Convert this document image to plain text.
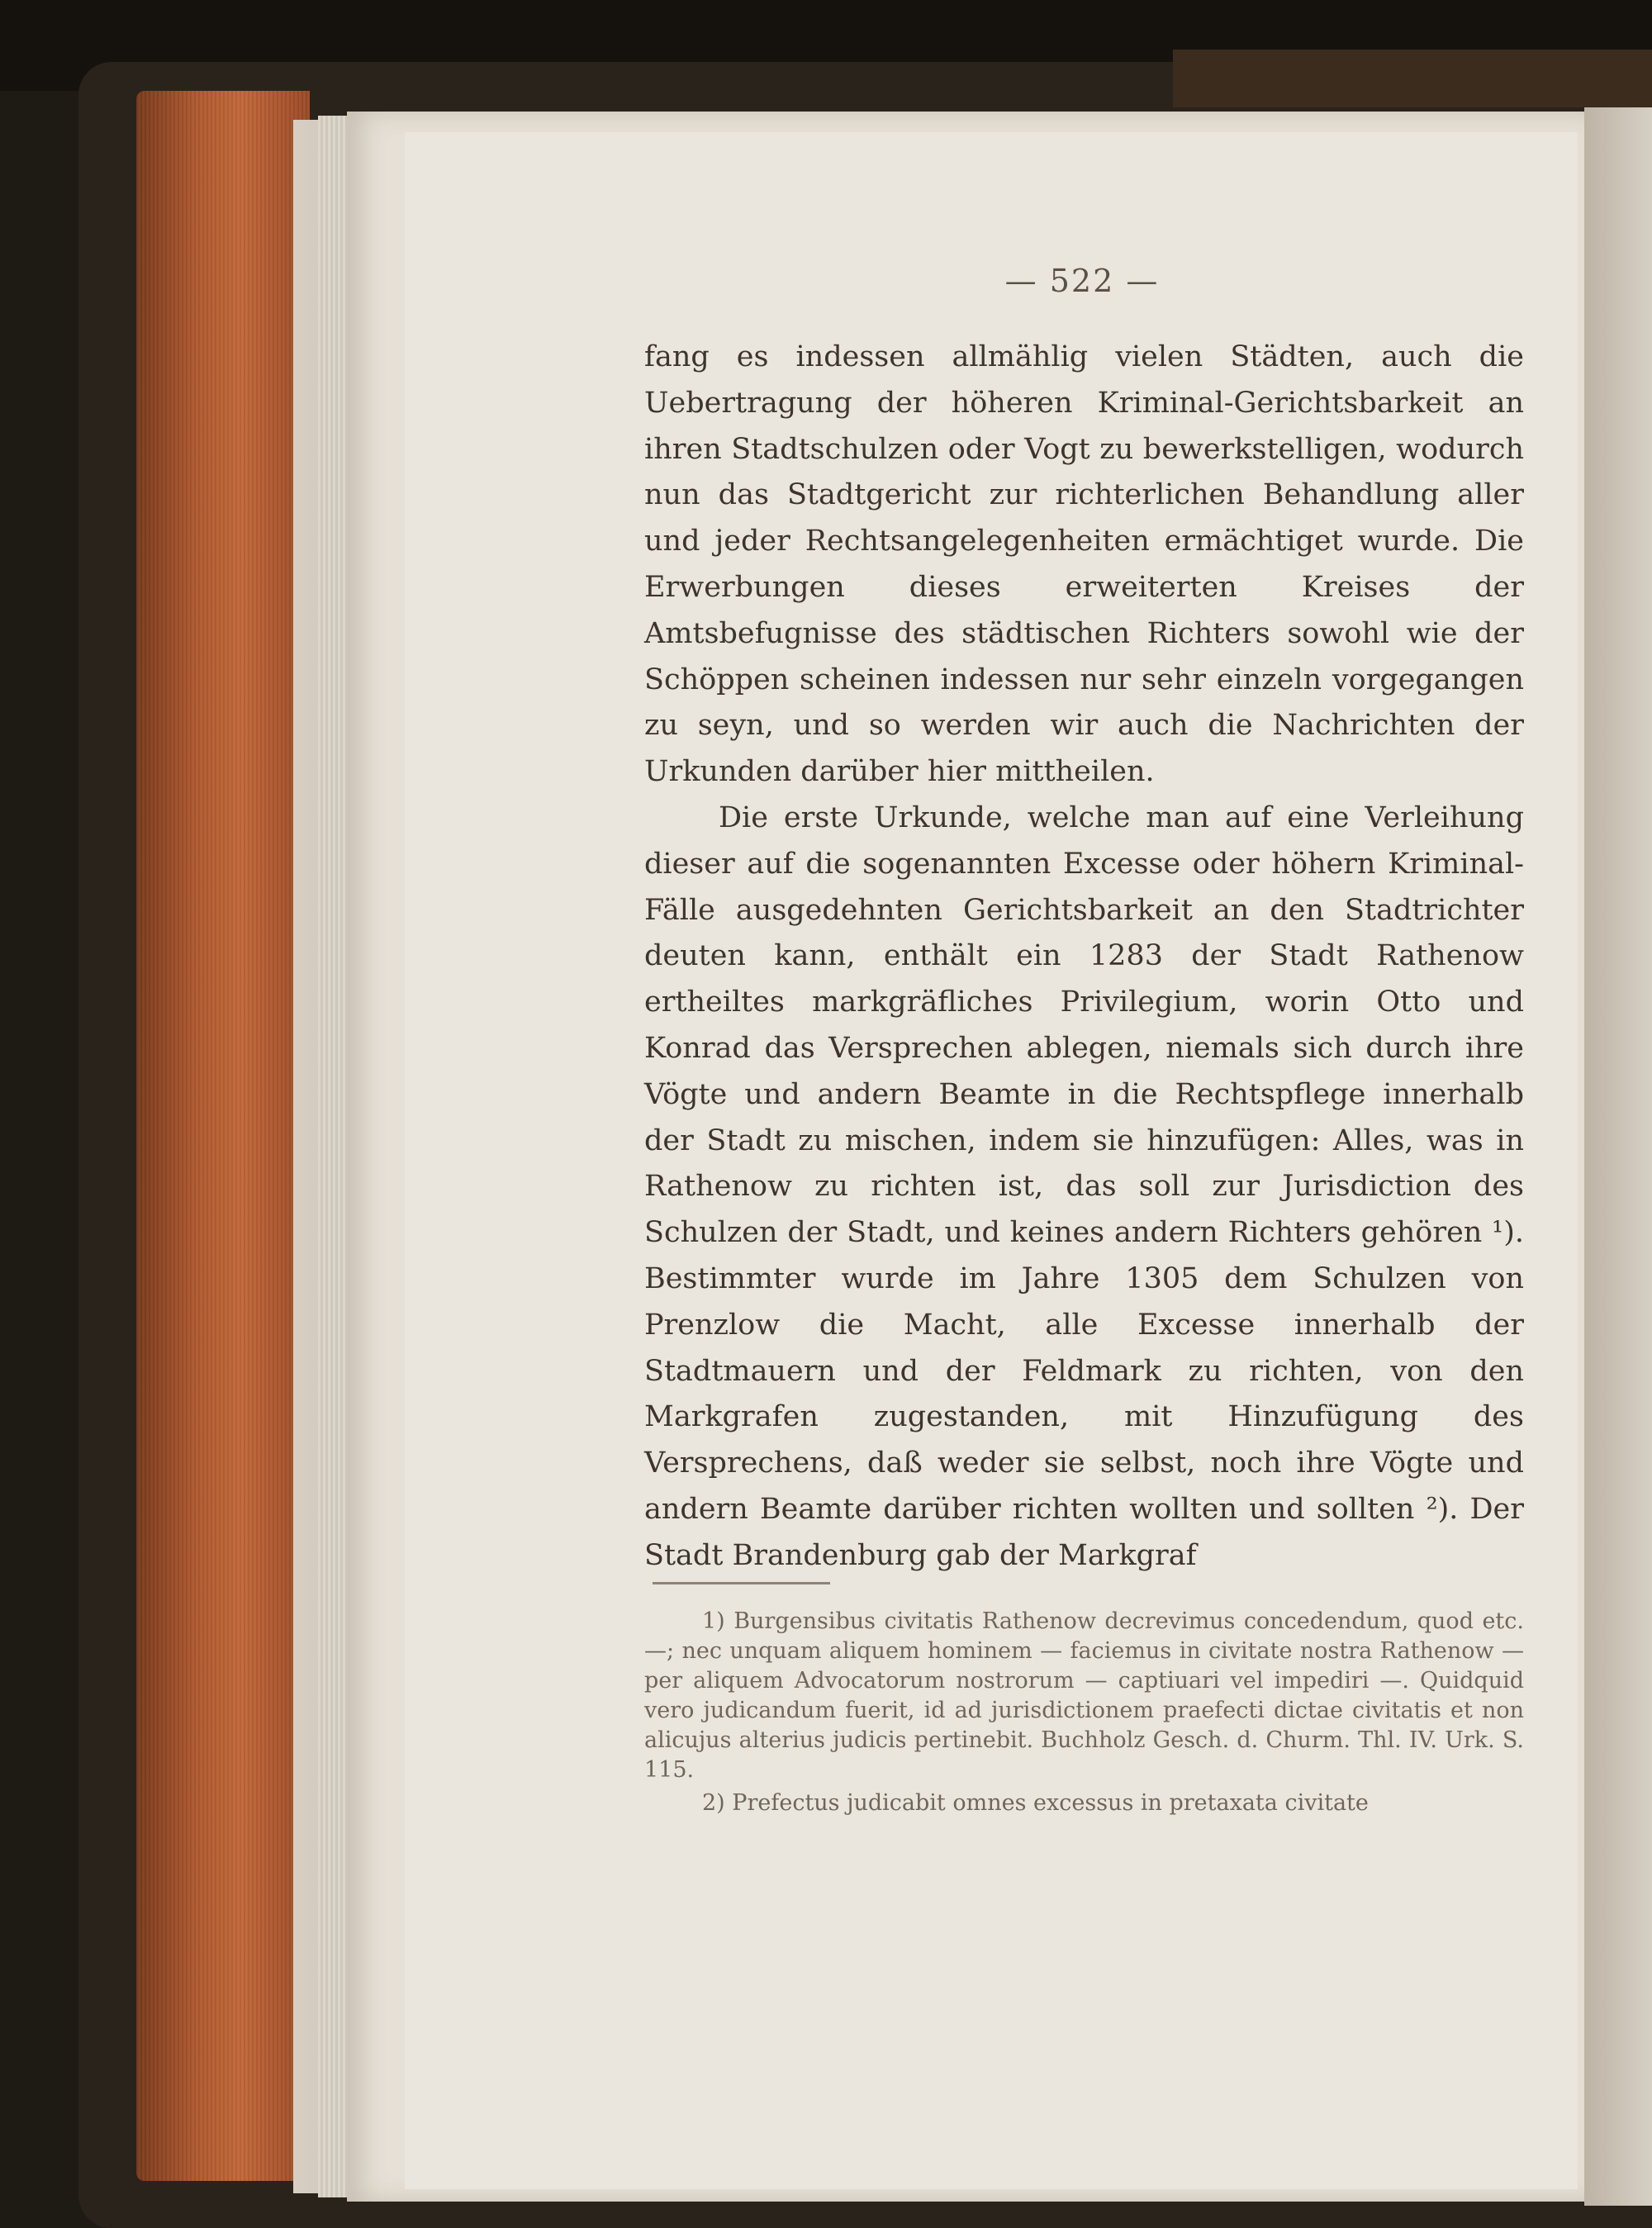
— 522 —

fang es indessen allmählig vielen Städten, auch die Uebertragung der höheren Kriminal-Gerichtsbarkeit an ihren Stadtschulzen oder Vogt zu bewerkstelligen, wodurch nun das Stadtgericht zur richterlichen Behandlung aller und jeder Rechtsangelegenheiten ermächtiget wurde. Die Erwerbungen dieses erweiterten Kreises der Amtsbefugnisse des städtischen Richters sowohl wie der Schöppen scheinen indessen nur sehr einzeln vorgegangen zu seyn, und so werden wir auch die Nachrichten der Urkunden darüber hier mittheilen.

Die erste Urkunde, welche man auf eine Verleihung dieser auf die sogenannten Excesse oder höhern Kriminal-Fälle ausgedehnten Gerichtsbarkeit an den Stadtrichter deuten kann, enthält ein 1283 der Stadt Rathenow ertheiltes markgräfliches Privilegium, worin Otto und Konrad das Versprechen ablegen, niemals sich durch ihre Vögte und andern Beamte in die Rechtspflege innerhalb der Stadt zu mischen, indem sie hinzufügen: Alles, was in Rathenow zu richten ist, das soll zur Jurisdiction des Schulzen der Stadt, und keines andern Richters gehören ¹). Bestimmter wurde im Jahre 1305 dem Schulzen von Prenzlow die Macht, alle Excesse innerhalb der Stadtmauern und der Feldmark zu richten, von den Markgrafen zugestanden, mit Hinzufügung des Versprechens, daß weder sie selbst, noch ihre Vögte und andern Beamte darüber richten wollten und sollten ²). Der Stadt Brandenburg gab der Markgraf

1) Burgensibus civitatis Rathenow decrevimus concedendum, quod etc. —; nec unquam aliquem hominem — faciemus in civitate nostra Rathenow — per aliquem Advocatorum nostrorum — captiuari vel impediri —. Quidquid vero judicandum fuerit, id ad jurisdictionem praefecti dictae civitatis et non alicujus alterius judicis pertinebit. Buchholz Gesch. d. Churm. Thl. IV. Urk. S. 115.

2) Prefectus judicabit omnes excessus in pretaxata civitate
